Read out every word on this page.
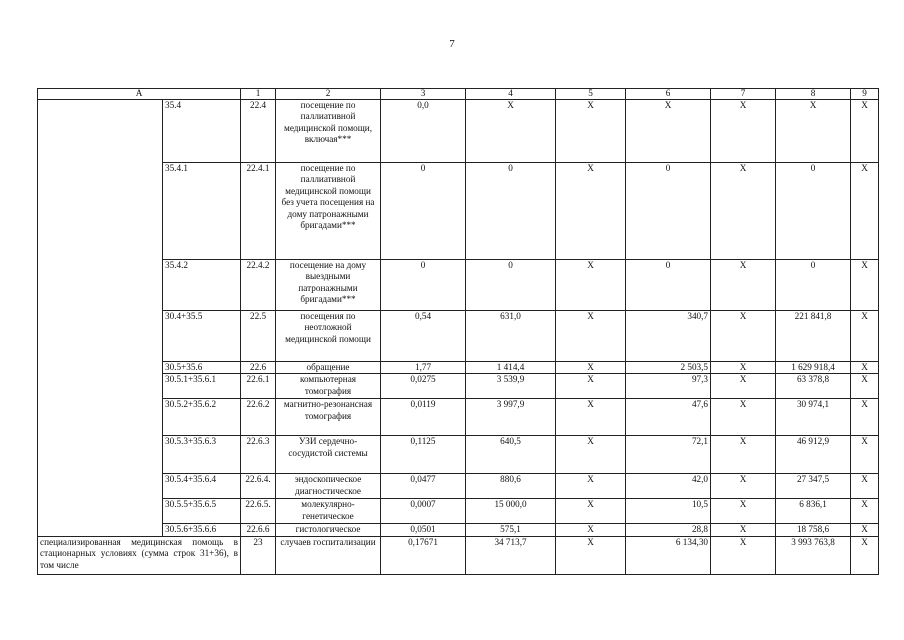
7
А		1	2	3	4	5	6	7	8	9
	35.4	22.4	посещение по паллиативной медицинской помощи, включая***	0,0	X	X	X	X	X	X
	35.4.1	22.4.1	посещение по паллиативной медицинской помощи без учета посещения на дому патронажными бригадами***	0	0	X	0	X	0	X
	35.4.2	22.4.2	посещение на дому выездными патронажными бригадами***	0	0	X	0	X	0	X
	30.4+35.5	22.5	посещения по неотложной медицинской помощи	0,54	631,0	X	340,7	X	221 841,8	X
	30.5+35.6	22.6	обращение	1,77	1 414,4	X	2 503,5	X	1 629 918,4	X
	30.5.1+35.6.1	22.6.1	компьютерная томография	0,0275	3 539,9	X	97,3	X	63 378,8	X
	30.5.2+35.6.2	22.6.2	магнитно-резонансная томография	0,0119	3 997,9	X	47,6	X	30 974,1	X
	30.5.3+35.6.3	22.6.3	УЗИ сердечно-сосудистой системы	0,1125	640,5	X	72,1	X	46 912,9	X
	30.5.4+35.6.4	22.6.4.	эндоскопическое диагностическое	0,0477	880,6	X	42,0	X	27 347,5	X
	30.5.5+35.6.5	22.6.5.	молекулярно-генетическое	0,0007	15 000,0	X	10,5	X	6 836,1	X
	30.5.6+35.6.6	22.6.6	гистологическое	0,0501	575,1	X	28,8	X	18 758,6	X
специализированная медицинская помощь в стационарных условиях (сумма строк 31+36), в том числе		23	случаев госпитализации	0,17671	34 713,7	X	6 134,30	X	3 993 763,8	X
